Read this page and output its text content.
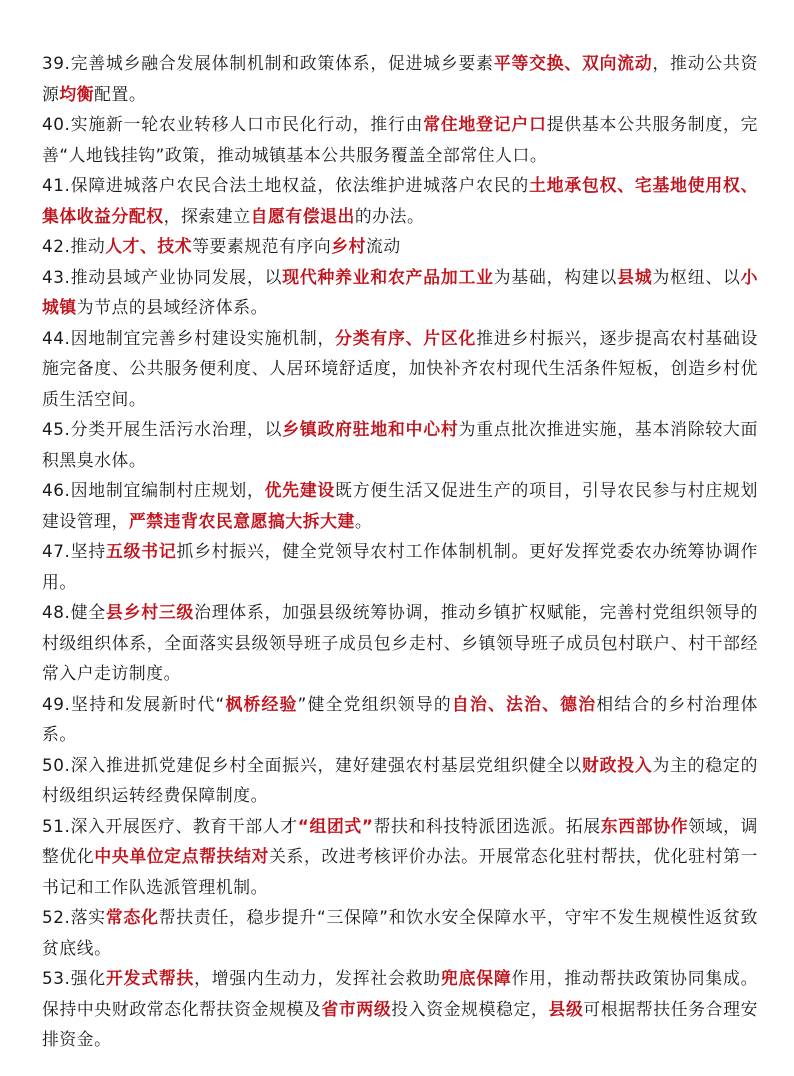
39.完善城乡融合发展体制机制和政策体系，促进城乡要素平等交换、双向流动，推动公共资源均衡配置。

40.实施新一轮农业转移人口市民化行动，推行由常住地登记户口提供基本公共服务制度，完善“人地钱挂钩”政策，推动城镇基本公共服务覆盖全部常住人口。

41.保障进城落户农民合法土地权益，依法维护进城落户农民的土地承包权、宅基地使用权、集体收益分配权，探索建立自愿有偿退出的办法。

42.推动人才、技术等要素规范有序向乡村流动

43.推动县域产业协同发展，以现代种养业和农产品加工业为基础，构建以县城为枢纽、以小城镇为节点的县域经济体系。

44.因地制宜完善乡村建设实施机制，分类有序、片区化推进乡村振兴，逐步提高农村基础设施完备度、公共服务便利度、人居环境舒适度，加快补齐农村现代生活条件短板，创造乡村优质生活空间。

45.分类开展生活污水治理，以乡镇政府驻地和中心村为重点批次推进实施，基本消除较大面积黑臭水体。

46.因地制宜编制村庄规划，优先建设既方便生活又促进生产的项目，引导农民参与村庄规划建设管理，严禁违背农民意愿搞大拆大建。

47.坚持五级书记抓乡村振兴，健全党领导农村工作体制机制。更好发挥党委农办统筹协调作用。

48.健全县乡村三级治理体系，加强县级统筹协调，推动乡镇扩权赋能，完善村党组织领导的村级组织体系，全面落实县级领导班子成员包乡走村、乡镇领导班子成员包村联户、村干部经常入户走访制度。

49.坚持和发展新时代“枫桥经验”健全党组织领导的自治、法治、德治相结合的乡村治理体系。

50.深入推进抓党建促乡村全面振兴，建好建强农村基层党组织健全以财政投入为主的稳定的村级组织运转经费保障制度。

51.深入开展医疗、教育干部人才“组团式”帮扶和科技特派团选派。拓展东西部协作领域，调整优化中央单位定点帮扶结对关系，改进考核评价办法。开展常态化驻村帮扶，优化驻村第一书记和工作队选派管理机制。

52.落实常态化帮扶责任，稳步提升“三保障”和饮水安全保障水平，守牢不发生规模性返贫致贫底线。

53.强化开发式帮扶，增强内生动力，发挥社会救助兜底保障作用，推动帮扶政策协同集成。保持中央财政常态化帮扶资金规模及省市两级投入资金规模稳定，县级可根据帮扶任务合理安排资金。
